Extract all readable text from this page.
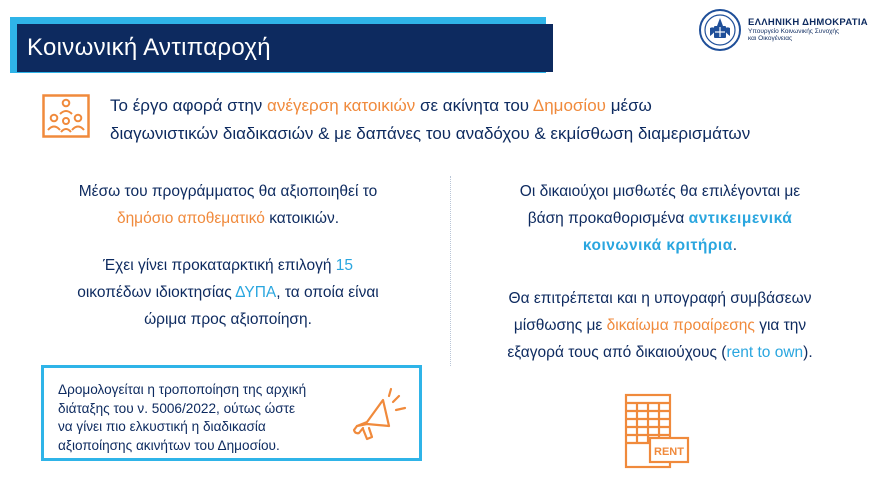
Κοινωνική Αντιπαροχή
ΕΛΛΗΝΙΚΗ ΔΗΜΟΚΡΑΤΙΑ
Υπουργείο Κοινωνικής Συνοχής
και Οικογένειας
Το έργο αφορά στην ανέγερση κατοικιών σε ακίνητα του Δημοσίου μέσω
διαγωνιστικών διαδικασιών & με δαπάνες του αναδόχου & εκμίσθωση διαμερισμάτων

Μέσω του προγράμματος θα αξιοποιηθεί το
δημόσιο αποθεματικό κατοικιών.

Έχει γίνει προκαταρκτική επιλογή 15
οικοπέδων ιδιοκτησίας ΔΥΠΑ, τα οποία είναι
ώριμα προς αξιοποίηση.

Οι δικαιούχοι μισθωτές θα επιλέγονται με
βάση προκαθορισμένα αντικειμενικά
κοινωνικά κριτήρια.

Θα επιτρέπεται και η υπογραφή συμβάσεων
μίσθωσης με δικαίωμα προαίρεσης για την
εξαγορά τους από δικαιούχους (rent to own).

Δρομολογείται η τροποποίηση της αρχική
διάταξης του ν. 5006/2022, ούτως ώστε
να γίνει πιο ελκυστική η διαδικασία
αξιοποίησης ακινήτων του Δημοσίου.	RENT
